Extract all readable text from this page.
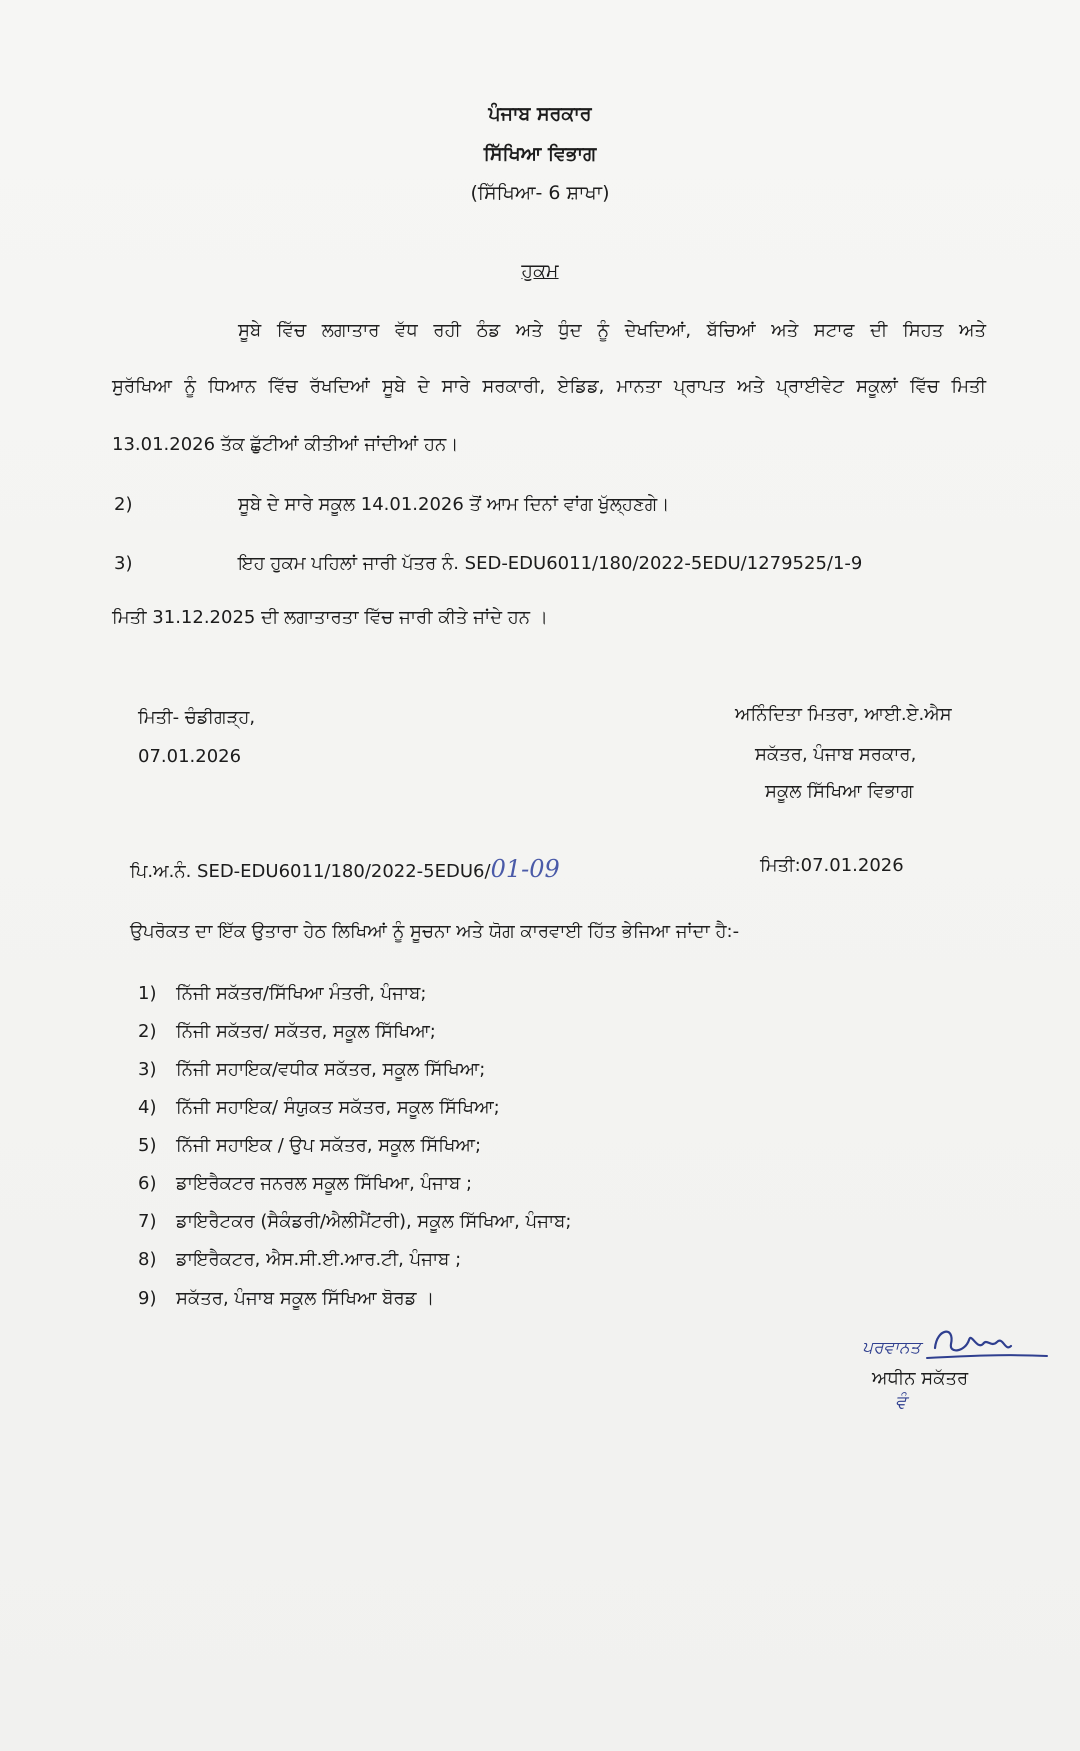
ਪੰਜਾਬ ਸਰਕਾਰ
ਸਿੱਖਿਆ ਵਿਭਾਗ
(ਸਿੱਖਿਆ- 6 ਸ਼ਾਖਾ)
ਹੁਕਮ
ਸੂਬੇ ਵਿੱਚ ਲਗਾਤਾਰ ਵੱਧ ਰਹੀ ਠੰਡ ਅਤੇ ਧੁੰਦ ਨੂੰ ਦੇਖਦਿਆਂ, ਬੱਚਿਆਂ ਅਤੇ ਸਟਾਫ ਦੀ ਸਿਹਤ ਅਤੇ
ਸੁਰੱਖਿਆ ਨੂੰ ਧਿਆਨ ਵਿੱਚ ਰੱਖਦਿਆਂ ਸੂਬੇ ਦੇ ਸਾਰੇ ਸਰਕਾਰੀ, ਏਡਿਡ, ਮਾਨਤਾ ਪ੍ਰਾਪਤ ਅਤੇ ਪ੍ਰਾਈਵੇਟ ਸਕੂਲਾਂ ਵਿੱਚ ਮਿਤੀ
13.01.2026 ਤੱਕ ਛੁੱਟੀਆਂ ਕੀਤੀਆਂ ਜਾਂਦੀਆਂ ਹਨ।
2)	ਸੂਬੇ ਦੇ ਸਾਰੇ ਸਕੂਲ 14.01.2026 ਤੋਂ ਆਮ ਦਿਨਾਂ ਵਾਂਗ ਖੁੱਲ੍ਹਣਗੇ।
3)	ਇਹ ਹੁਕਮ ਪਹਿਲਾਂ ਜਾਰੀ ਪੱਤਰ ਨੰ. SED-EDU6011/180/2022-5EDU/1279525/1-9
ਮਿਤੀ 31.12.2025 ਦੀ ਲਗਾਤਾਰਤਾ ਵਿੱਚ ਜਾਰੀ ਕੀਤੇ ਜਾਂਦੇ ਹਨ ।
ਮਿਤੀ- ਚੰਡੀਗੜ੍ਹ,
07.01.2026
ਅਨਿੰਦਿਤਾ ਮਿਤਰਾ, ਆਈ.ਏ.ਐਸ
ਸਕੱਤਰ, ਪੰਜਾਬ ਸਰਕਾਰ,
ਸਕੂਲ ਸਿੱਖਿਆ ਵਿਭਾਗ
ਪਿ.ਅ.ਨੰ. SED-EDU6011/180/2022-5EDU6/01-09	ਮਿਤੀ:07.01.2026
ਉਪਰੋਕਤ ਦਾ ਇੱਕ ਉਤਾਰਾ ਹੇਠ ਲਿਖਿਆਂ ਨੂੰ ਸੂਚਨਾ ਅਤੇ ਯੋਗ ਕਾਰਵਾਈ ਹਿੱਤ ਭੇਜਿਆ ਜਾਂਦਾ ਹੈ:-
1) ਨਿੱਜੀ ਸਕੱਤਰ/ਸਿੱਖਿਆ ਮੰਤਰੀ, ਪੰਜਾਬ;
2) ਨਿੱਜੀ ਸਕੱਤਰ/ ਸਕੱਤਰ, ਸਕੂਲ ਸਿੱਖਿਆ;
3) ਨਿੱਜੀ ਸਹਾਇਕ/ਵਧੀਕ ਸਕੱਤਰ, ਸਕੂਲ ਸਿੱਖਿਆ;
4) ਨਿੱਜੀ ਸਹਾਇਕ/ ਸੰਯੁਕਤ ਸਕੱਤਰ, ਸਕੂਲ ਸਿੱਖਿਆ;
5) ਨਿੱਜੀ ਸਹਾਇਕ / ਉਪ ਸਕੱਤਰ, ਸਕੂਲ ਸਿੱਖਿਆ;
6) ਡਾਇਰੈਕਟਰ ਜਨਰਲ ਸਕੂਲ ਸਿੱਖਿਆ, ਪੰਜਾਬ ;
7) ਡਾਇਰੈਟਕਰ (ਸੈਕੰਡਰੀ/ਐਲੀਮੈਂਟਰੀ), ਸਕੂਲ ਸਿੱਖਿਆ, ਪੰਜਾਬ;
8) ਡਾਇਰੈਕਟਰ, ਐਸ.ਸੀ.ਈ.ਆਰ.ਟੀ, ਪੰਜਾਬ ;
9) ਸਕੱਤਰ, ਪੰਜਾਬ ਸਕੂਲ ਸਿੱਖਿਆ ਬੋਰਡ ।
ਪਰਵਾਨਤ
ਅਧੀਨ ਸਕੱਤਰ
ਵੰ
